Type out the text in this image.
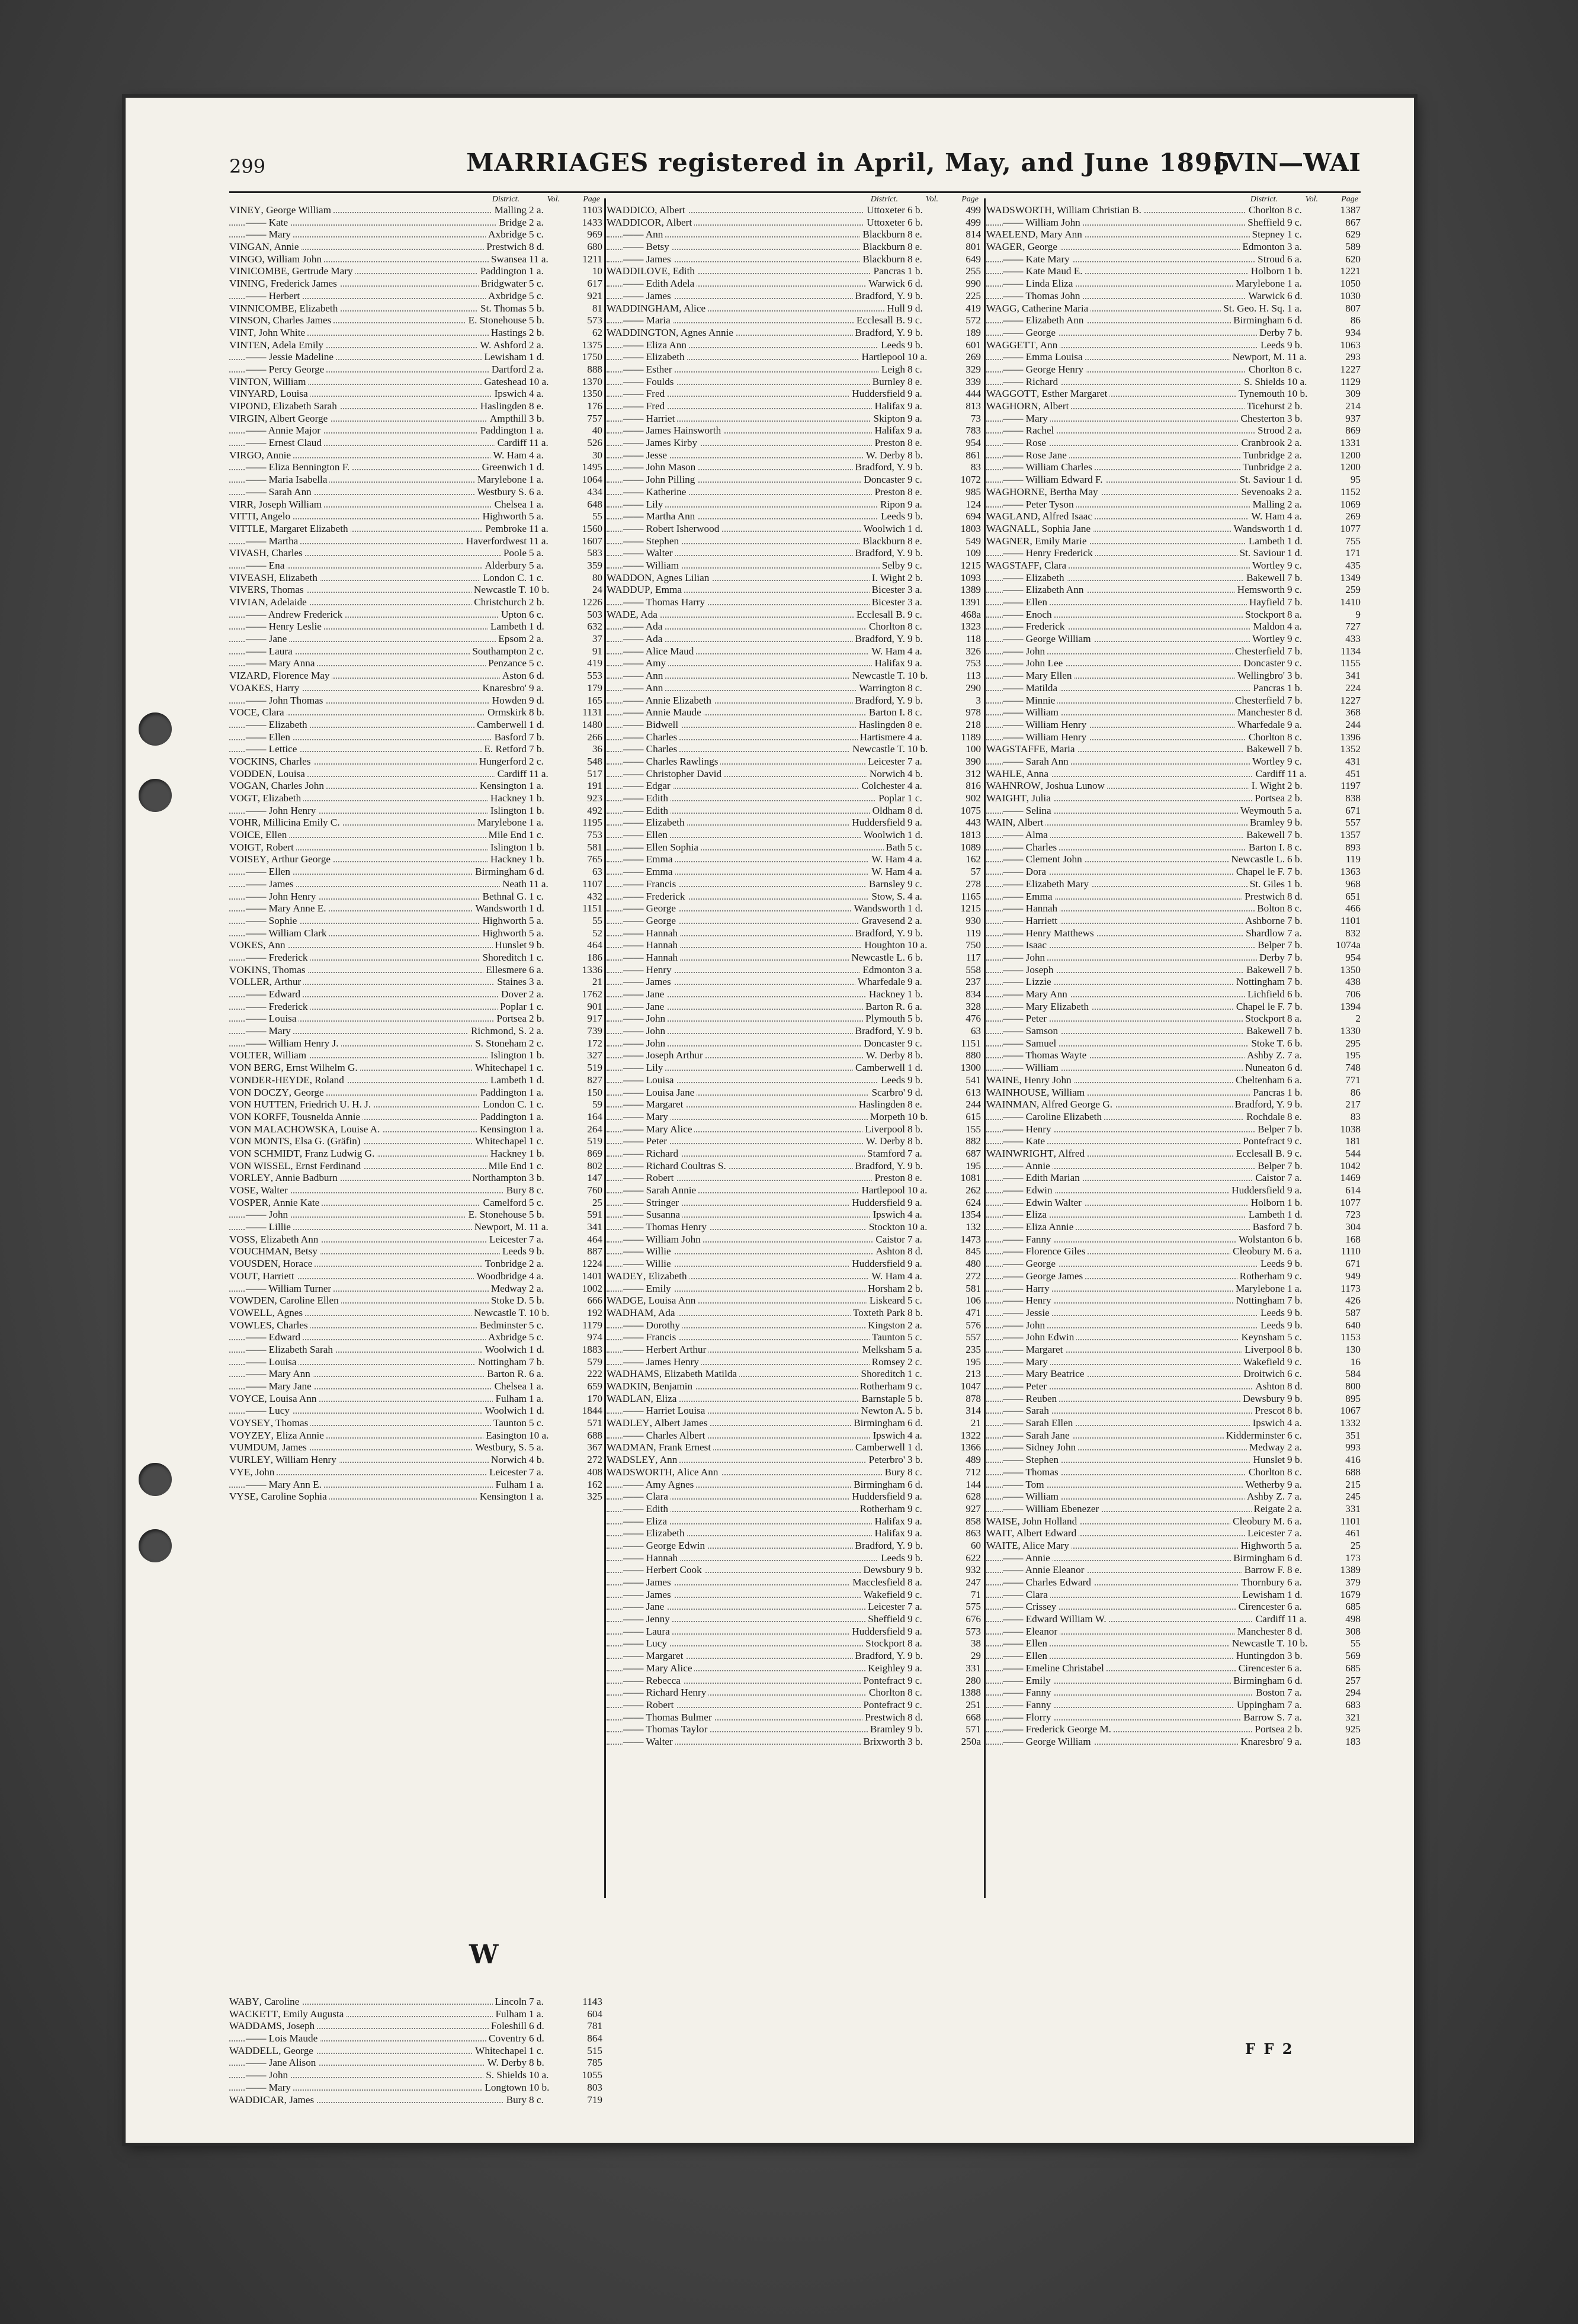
299	MARRIAGES registered in April, May, and June 1895.
[VIN—WAI
District.	Vol.	Page
VINEY, George William	Malling 2 a.	1103
—— Kate	Bridge 2 a.	1433
—— Mary	Axbridge 5 c.	969
VINGAN, Annie	Prestwich 8 d.	680
VINGO, William John	Swansea 11 a.	1211
VINICOMBE, Gertrude Mary	Paddington 1 a.	10
VINING, Frederick James	Bridgwater 5 c.	617
—— Herbert	Axbridge 5 c.	921
VINNICOMBE, Elizabeth	St. Thomas 5 b.	81
VINSON, Charles James	E. Stonehouse 5 b.	573
VINT, John White	Hastings 2 b.	62
VINTEN, Adela Emily	W. Ashford 2 a.	1375
—— Jessie Madeline	Lewisham 1 d.	1750
—— Percy George	Dartford 2 a.	888
VINTON, William	Gateshead 10 a.	1370
VINYARD, Louisa	Ipswich 4 a.	1350
VIPOND, Elizabeth Sarah	Haslingden 8 e.	176
VIRGIN, Albert George	Ampthill 3 b.	757
—— Annie Major	Paddington 1 a.	40
—— Ernest Claud	Cardiff 11 a.	526
VIRGO, Annie	W. Ham 4 a.	30
—— Eliza Bennington F.	Greenwich 1 d.	1495
—— Maria Isabella	Marylebone 1 a.	1064
—— Sarah Ann	Westbury S. 6 a.	434
VIRR, Joseph William	Chelsea 1 a.	648
VITTI, Angelo	Highworth 5 a.	55
VITTLE, Margaret Elizabeth	Pembroke 11 a.	1560
—— Martha	Haverfordwest 11 a.	1607
VIVASH, Charles	Poole 5 a.	583
—— Ena	Alderbury 5 a.	359
VIVEASH, Elizabeth	London C. 1 c.	80
VIVERS, Thomas	Newcastle T. 10 b.	24
VIVIAN, Adelaide	Christchurch 2 b.	1226
—— Andrew Frederick	Upton 6 c.	503
—— Henry Leslie	Lambeth 1 d.	632
—— Jane	Epsom 2 a.	37
—— Laura	Southampton 2 c.	91
—— Mary Anna	Penzance 5 c.	419
VIZARD, Florence May	Aston 6 d.	553
VOAKES, Harry	Knaresbro' 9 a.	179
—— John Thomas	Howden 9 d.	165
VOCE, Clara	Ormskirk 8 b.	1131
—— Elizabeth	Camberwell 1 d.	1480
—— Ellen	Basford 7 b.	266
—— Lettice	E. Retford 7 b.	36
VOCKINS, Charles	Hungerford 2 c.	548
VODDEN, Louisa	Cardiff 11 a.	517
VOGAN, Charles John	Kensington 1 a.	191
VOGT, Elizabeth	Hackney 1 b.	923
—— John Henry	Islington 1 b.	492
VOHR, Millicina Emily C.	Marylebone 1 a.	1195
VOICE, Ellen	Mile End 1 c.	753
VOIGT, Robert	Islington 1 b.	581
VOISEY, Arthur George	Hackney 1 b.	765
—— Ellen	Birmingham 6 d.	63
—— James	Neath 11 a.	1107
—— John Henry	Bethnal G. 1 c.	432
—— Mary Anne E.	Wandsworth 1 d.	1151
—— Sophie	Highworth 5 a.	55
—— William Clark	Highworth 5 a.	52
VOKES, Ann	Hunslet 9 b.	464
—— Frederick	Shoreditch 1 c.	186
VOKINS, Thomas	Ellesmere 6 a.	1336
VOLLER, Arthur	Staines 3 a.	21
—— Edward	Dover 2 a.	1762
—— Frederick	Poplar 1 c.	901
—— Louisa	Portsea 2 b.	917
—— Mary	Richmond, S. 2 a.	739
—— William Henry J.	S. Stoneham 2 c.	172
VOLTER, William	Islington 1 b.	327
VON BERG, Ernst Wilhelm G.	Whitechapel 1 c.	519
VONDER-HEYDE, Roland	Lambeth 1 d.	827
VON DOCZY, George	Paddington 1 a.	150
VON HUTTEN, Friedrich U. H. J.	London C. 1 c.	59
VON KORFF, Tousnelda Annie	Paddington 1 a.	164
VON MALACHOWSKA, Louise A.	Kensington 1 a.	264
VON MONTS, Elsa G. (Gräfin)	Whitechapel 1 c.	519
VON SCHMIDT, Franz Ludwig G.	Hackney 1 b.	869
VON WISSEL, Ernst Ferdinand	Mile End 1 c.	802
VORLEY, Annie Badburn	Northampton 3 b.	147
VOSE, Walter	Bury 8 c.	760
VOSPER, Annie Kate	Camelford 5 c.	25
—— John	E. Stonehouse 5 b.	591
—— Lillie	Newport, M. 11 a.	341
VOSS, Elizabeth Ann	Leicester 7 a.	464
VOUCHMAN, Betsy	Leeds 9 b.	887
VOUSDEN, Horace	Tonbridge 2 a.	1224
VOUT, Harriett	Woodbridge 4 a.	1401
—— William Turner	Medway 2 a.	1002
VOWDEN, Caroline Ellen	Stoke D. 5 b.	666
VOWELL, Agnes	Newcastle T. 10 b.	192
VOWLES, Charles	Bedminster 5 c.	1179
—— Edward	Axbridge 5 c.	974
—— Elizabeth Sarah	Woolwich 1 d.	1883
—— Louisa	Nottingham 7 b.	579
—— Mary Ann	Barton R. 6 a.	222
—— Mary Jane	Chelsea 1 a.	659
VOYCE, Louisa Ann	Fulham 1 a.	170
—— Lucy	Woolwich 1 d.	1844
VOYSEY, Thomas	Taunton 5 c.	571
VOYZEY, Eliza Annie	Easington 10 a.	688
VUMDUM, James	Westbury, S. 5 a.	367
VURLEY, William Henry	Norwich 4 b.	272
VYE, John	Leicester 7 a.	408
—— Mary Ann E.	Fulham 1 a.	162
VYSE, Caroline Sophia	Kensington 1 a.	325
W
WABY, Caroline	Lincoln 7 a.	1143
WACKETT, Emily Augusta	Fulham 1 a.	604
WADDAMS, Joseph	Foleshill 6 d.	781
—— Lois Maude	Coventry 6 d.	864
WADDELL, George	Whitechapel 1 c.	515
—— Jane Alison	W. Derby 8 b.	785
—— John	S. Shields 10 a.	1055
—— Mary	Longtown 10 b.	803
WADDICAR, James	Bury 8 c.	719
District.	Vol.	Page
WADDICO, Albert	Uttoxeter 6 b.	499
WADDICOR, Albert	Uttoxeter 6 b.	499
—— Ann	Blackburn 8 e.	814
—— Betsy	Blackburn 8 e.	801
—— James	Blackburn 8 e.	649
WADDILOVE, Edith	Pancras 1 b.	255
—— Edith Adela	Warwick 6 d.	990
—— James	Bradford, Y. 9 b.	225
WADDINGHAM, Alice	Hull 9 d.	419
—— Maria	Ecclesall B. 9 c.	572
WADDINGTON, Agnes Annie	Bradford, Y. 9 b.	189
—— Eliza Ann	Leeds 9 b.	601
—— Elizabeth	Hartlepool 10 a.	269
—— Esther	Leigh 8 c.	329
—— Foulds	Burnley 8 e.	339
—— Fred	Huddersfield 9 a.	444
—— Fred	Halifax 9 a.	813
—— Harriet	Skipton 9 a.	73
—— James Hainsworth	Halifax 9 a.	783
—— James Kirby	Preston 8 e.	954
—— Jesse	W. Derby 8 b.	861
—— John Mason	Bradford, Y. 9 b.	83
—— John Pilling	Doncaster 9 c.	1072
—— Katherine	Preston 8 e.	985
—— Lily	Ripon 9 a.	124
—— Martha Ann	Leeds 9 b.	694
—— Robert Isherwood	Woolwich 1 d.	1803
—— Stephen	Blackburn 8 e.	549
—— Walter	Bradford, Y. 9 b.	109
—— William	Selby 9 c.	1215
WADDON, Agnes Lilian	I. Wight 2 b.	1093
WADDUP, Emma	Bicester 3 a.	1389
—— Thomas Harry	Bicester 3 a.	1391
WADE, Ada	Ecclesall B. 9 c.	468a
—— Ada	Chorlton 8 c.	1323
—— Ada	Bradford, Y. 9 b.	118
—— Alice Maud	W. Ham 4 a.	326
—— Amy	Halifax 9 a.	753
—— Ann	Newcastle T. 10 b.	113
—— Ann	Warrington 8 c.	290
—— Annie Elizabeth	Bradford, Y. 9 b.	3
—— Annie Maude	Barton I. 8 c.	978
—— Bidwell	Haslingden 8 e.	218
—— Charles	Hartismere 4 a.	1189
—— Charles	Newcastle T. 10 b.	100
—— Charles Rawlings	Leicester 7 a.	390
—— Christopher David	Norwich 4 b.	312
—— Edgar	Colchester 4 a.	816
—— Edith	Poplar 1 c.	902
—— Edith	Oldham 8 d.	1075
—— Elizabeth	Huddersfield 9 a.	443
—— Ellen	Woolwich 1 d.	1813
—— Ellen Sophia	Bath 5 c.	1089
—— Emma	W. Ham 4 a.	162
—— Emma	W. Ham 4 a.	57
—— Francis	Barnsley 9 c.	278
—— Frederick	Stow, S. 4 a.	1165
—— George	Wandsworth 1 d.	1215
—— George	Gravesend 2 a.	930
—— Hannah	Bradford, Y. 9 b.	119
—— Hannah	Houghton 10 a.	750
—— Hannah	Newcastle L. 6 b.	117
—— Henry	Edmonton 3 a.	558
—— James	Wharfedale 9 a.	237
—— Jane	Hackney 1 b.	834
—— Jane	Barton R. 6 a.	328
—— John	Plymouth 5 b.	476
—— John	Bradford, Y. 9 b.	63
—— John	Doncaster 9 c.	1151
—— Joseph Arthur	W. Derby 8 b.	880
—— Lily	Camberwell 1 d.	1300
—— Louisa	Leeds 9 b.	541
—— Louisa Jane	Scarbro' 9 d.	613
—— Margaret	Haslingden 8 e.	244
—— Mary	Morpeth 10 b.	615
—— Mary Alice	Liverpool 8 b.	155
—— Peter	W. Derby 8 b.	882
—— Richard	Stamford 7 a.	687
—— Richard Coultras S.	Bradford, Y. 9 b.	195
—— Robert	Preston 8 e.	1081
—— Sarah Annie	Hartlepool 10 a.	262
—— Stringer	Huddersfield 9 a.	624
—— Susanna	Ipswich 4 a.	1354
—— Thomas Henry	Stockton 10 a.	132
—— William John	Caistor 7 a.	1473
—— Willie	Ashton 8 d.	845
—— Willie	Huddersfield 9 a.	480
WADEY, Elizabeth	W. Ham 4 a.	272
—— Emily	Horsham 2 b.	581
WADGE, Louisa Ann	Liskeard 5 c.	106
WADHAM, Ada	Toxteth Park 8 b.	471
—— Dorothy	Kingston 2 a.	576
—— Francis	Taunton 5 c.	557
—— Herbert Arthur	Melksham 5 a.	235
—— James Henry	Romsey 2 c.	195
WADHAMS, Elizabeth Matilda	Shoreditch 1 c.	213
WADKIN, Benjamin	Rotherham 9 c.	1047
WADLAN, Eliza	Barnstaple 5 b.	878
—— Harriet Louisa	Newton A. 5 b.	314
WADLEY, Albert James	Birmingham 6 d.	21
—— Charles Albert	Ipswich 4 a.	1322
WADMAN, Frank Ernest	Camberwell 1 d.	1366
WADSLEY, Ann	Peterbro' 3 b.	489
WADSWORTH, Alice Ann	Bury 8 c.	712
—— Amy Agnes	Birmingham 6 d.	144
—— Clara	Huddersfield 9 a.	628
—— Edith	Rotherham 9 c.	927
—— Eliza	Halifax 9 a.	858
—— Elizabeth	Halifax 9 a.	863
—— George Edwin	Bradford, Y. 9 b.	60
—— Hannah	Leeds 9 b.	622
—— Herbert Cook	Dewsbury 9 b.	932
—— James	Macclesfield 8 a.	247
—— James	Wakefield 9 c.	71
—— Jane	Leicester 7 a.	575
—— Jenny	Sheffield 9 c.	676
—— Laura	Huddersfield 9 a.	573
—— Lucy	Stockport 8 a.	38
—— Margaret	Bradford, Y. 9 b.	29
—— Mary Alice	Keighley 9 a.	331
—— Rebecca	Pontefract 9 c.	280
—— Richard Henry	Chorlton 8 c.	1388
—— Robert	Pontefract 9 c.	251
—— Thomas Bulmer	Prestwich 8 d.	668
—— Thomas Taylor	Bramley 9 b.	571
—— Walter	Brixworth 3 b.	250a
District.	Vol.	Page
WADSWORTH, William Christian B.	Chorlton 8 c.	1387
—— William John	Sheffield 9 c.	867
WAELEND, Mary Ann	Stepney 1 c.	629
WAGER, George	Edmonton 3 a.	589
—— Kate Mary	Stroud 6 a.	620
—— Kate Maud E.	Holborn 1 b.	1221
—— Linda Eliza	Marylebone 1 a.	1050
—— Thomas John	Warwick 6 d.	1030
WAGG, Catherine Maria	St. Geo. H. Sq. 1 a.	807
—— Elizabeth Ann	Birmingham 6 d.	86
—— George	Derby 7 b.	934
WAGGETT, Ann	Leeds 9 b.	1063
—— Emma Louisa	Newport, M. 11 a.	293
—— George Henry	Chorlton 8 c.	1227
—— Richard	S. Shields 10 a.	1129
WAGGOTT, Esther Margaret	Tynemouth 10 b.	309
WAGHORN, Albert	Ticehurst 2 b.	214
—— Mary	Chesterton 3 b.	937
—— Rachel	Strood 2 a.	869
—— Rose	Cranbrook 2 a.	1331
—— Rose Jane	Tunbridge 2 a.	1200
—— William Charles	Tunbridge 2 a.	1200
—— William Edward F.	St. Saviour 1 d.	95
WAGHORNE, Bertha May	Sevenoaks 2 a.	1152
—— Peter Tyson	Malling 2 a.	1069
WAGLAND, Alfred Isaac	W. Ham 4 a.	269
WAGNALL, Sophia Jane	Wandsworth 1 d.	1077
WAGNER, Emily Marie	Lambeth 1 d.	755
—— Henry Frederick	St. Saviour 1 d.	171
WAGSTAFF, Clara	Wortley 9 c.	435
—— Elizabeth	Bakewell 7 b.	1349
—— Elizabeth Ann	Hemsworth 9 c.	259
—— Ellen	Hayfield 7 b.	1410
—— Enoch	Stockport 8 a.	9
—— Frederick	Maldon 4 a.	727
—— George William	Wortley 9 c.	433
—— John	Chesterfield 7 b.	1134
—— John Lee	Doncaster 9 c.	1155
—— Mary Ellen	Wellingbro' 3 b.	341
—— Matilda	Pancras 1 b.	224
—— Minnie	Chesterfield 7 b.	1227
—— William	Manchester 8 d.	368
—— William Henry	Wharfedale 9 a.	244
—— William Henry	Chorlton 8 c.	1396
WAGSTAFFE, Maria	Bakewell 7 b.	1352
—— Sarah Ann	Wortley 9 c.	431
WAHLE, Anna	Cardiff 11 a.	451
WAHNROW, Joshua Lunow	I. Wight 2 b.	1197
WAIGHT, Julia	Portsea 2 b.	838
—— Selina	Weymouth 5 a.	671
WAIN, Albert	Bramley 9 b.	557
—— Alma	Bakewell 7 b.	1357
—— Charles	Barton I. 8 c.	893
—— Clement John	Newcastle L. 6 b.	119
—— Dora	Chapel le F. 7 b.	1363
—— Elizabeth Mary	St. Giles 1 b.	968
—— Emma	Prestwich 8 d.	651
—— Hannah	Bolton 8 c.	466
—— Harriett	Ashborne 7 b.	1101
—— Henry Matthews	Shardlow 7 a.	832
—— Isaac	Belper 7 b.	1074a
—— John	Derby 7 b.	954
—— Joseph	Bakewell 7 b.	1350
—— Lizzie	Nottingham 7 b.	438
—— Mary Ann	Lichfield 6 b.	706
—— Mary Elizabeth	Chapel le F. 7 b.	1394
—— Peter	Stockport 8 a.	2
—— Samson	Bakewell 7 b.	1330
—— Samuel	Stoke T. 6 b.	295
—— Thomas Wayte	Ashby Z. 7 a.	195
—— William	Nuneaton 6 d.	748
WAINE, Henry John	Cheltenham 6 a.	771
WAINHOUSE, William	Pancras 1 b.	86
WAINMAN, Alfred George G.	Bradford, Y. 9 b.	217
—— Caroline Elizabeth	Rochdale 8 e.	83
—— Henry	Belper 7 b.	1038
—— Kate	Pontefract 9 c.	181
WAINWRIGHT, Alfred	Ecclesall B. 9 c.	544
—— Annie	Belper 7 b.	1042
—— Edith Marian	Caistor 7 a.	1469
—— Edwin	Huddersfield 9 a.	614
—— Edwin Walter	Holborn 1 b.	1077
—— Eliza	Lambeth 1 d.	723
—— Eliza Annie	Basford 7 b.	304
—— Fanny	Wolstanton 6 b.	168
—— Florence Giles	Cleobury M. 6 a.	1110
—— George	Leeds 9 b.	671
—— George James	Rotherham 9 c.	949
—— Harry	Marylebone 1 a.	1173
—— Henry	Nottingham 7 b.	426
—— Jessie	Leeds 9 b.	587
—— John	Leeds 9 b.	640
—— John Edwin	Keynsham 5 c.	1153
—— Margaret	Liverpool 8 b.	130
—— Mary	Wakefield 9 c.	16
—— Mary Beatrice	Droitwich 6 c.	584
—— Peter	Ashton 8 d.	800
—— Reuben	Dewsbury 9 b.	895
—— Sarah	Prescot 8 b.	1067
—— Sarah Ellen	Ipswich 4 a.	1332
—— Sarah Jane	Kidderminster 6 c.	351
—— Sidney John	Medway 2 a.	993
—— Stephen	Hunslet 9 b.	416
—— Thomas	Chorlton 8 c.	688
—— Tom	Wetherby 9 a.	215
—— William	Ashby Z. 7 a.	245
—— William Ebenezer	Reigate 2 a.	331
WAISE, John Holland	Cleobury M. 6 a.	1101
WAIT, Albert Edward	Leicester 7 a.	461
WAITE, Alice Mary	Highworth 5 a.	25
—— Annie	Birmingham 6 d.	173
—— Annie Eleanor	Barrow F. 8 e.	1389
—— Charles Edward	Thornbury 6 a.	379
—— Clara	Lewisham 1 d.	1679
—— Crissey	Cirencester 6 a.	685
—— Edward William W.	Cardiff 11 a.	498
—— Eleanor	Manchester 8 d.	308
—— Ellen	Newcastle T. 10 b.	55
—— Ellen	Huntingdon 3 b.	569
—— Emeline Christabel	Cirencester 6 a.	685
—— Emily	Birmingham 6 d.	257
—— Fanny	Boston 7 a.	294
—— Fanny	Uppingham 7 a.	683
—— Florry	Barrow S. 7 a.	321
—— Frederick George M.	Portsea 2 b.	925
—— George William	Knaresbro' 9 a.	183
F F 2
